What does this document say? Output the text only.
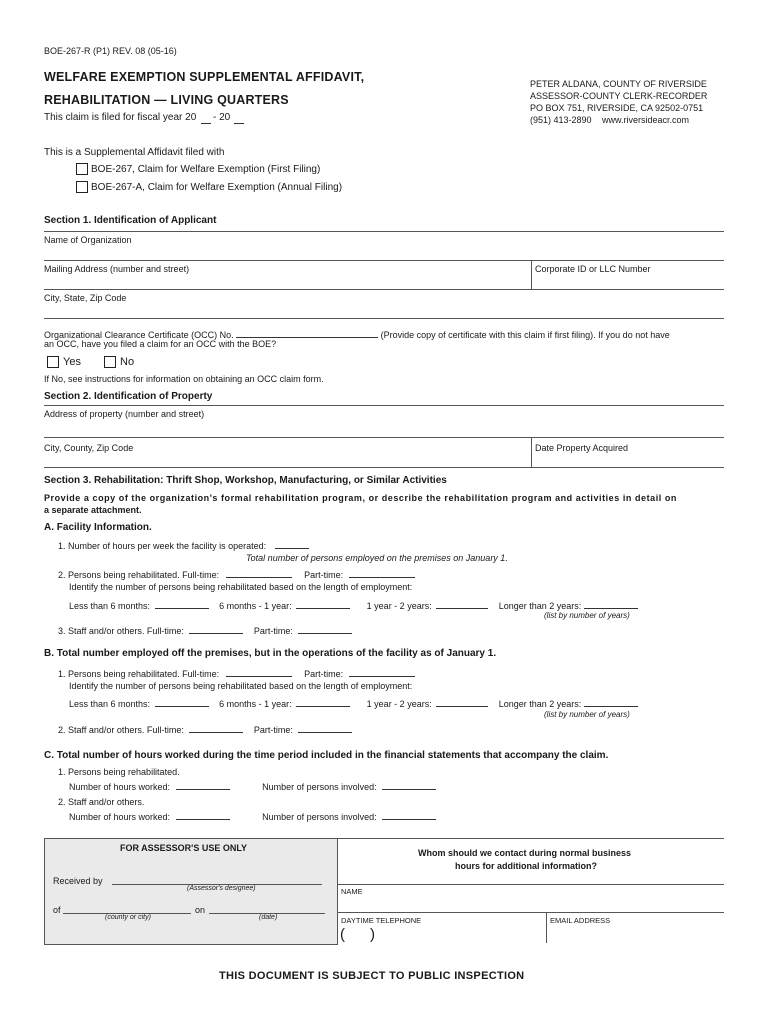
BOE-267-R (P1) REV. 08 (05-16)
WELFARE EXEMPTION SUPPLEMENTAL AFFIDAVIT,
REHABILITATION — LIVING QUARTERS
This claim is filed for fiscal year 20 - 20
PETER ALDANA, COUNTY OF RIVERSIDE
ASSESSOR-COUNTY CLERK-RECORDER
PO BOX 751, RIVERSIDE, CA 92502-0751
(951) 413-2890 www.riversideacr.com
This is a Supplemental Affidavit filed with
BOE-267, Claim for Welfare Exemption (First Filing)
BOE-267-A, Claim for Welfare Exemption (Annual Filing)
Section 1. Identification of Applicant
Name of Organization
Mailing Address (number and street)	Corporate ID or LLC Number
City, State, Zip Code
Organizational Clearance Certificate (OCC) No.	(Provide copy of certificate with this claim if first filing). If you do not have
an OCC, have you filed a claim for an OCC with the BOE?
Yes	No
If No, see instructions for information on obtaining an OCC claim form.
Section 2. Identification of Property
Address of property (number and street)
City, County, Zip Code	Date Property Acquired
Section 3. Rehabilitation: Thrift Shop, Workshop, Manufacturing, or Similar Activities
Provide a copy of the organization's formal rehabilitation program, or describe the rehabilitation program and activities in detail on
a separate attachment.
A. Facility Information.
1. Number of hours per week the facility is operated:
Total number of persons employed on the premises on January 1.
2. Persons being rehabilitated. Full-time:	Part-time:
Identify the number of persons being rehabilitated based on the length of employment:
Less than 6 months:	6 months - 1 year:	1 year - 2 years:	Longer than 2 years:
(list by number of years)
3. Staff and/or others. Full-time:	Part-time:
B. Total number employed off the premises, but in the operations of the facility as of January 1.
1. Persons being rehabilitated. Full-time:	Part-time:
Identify the number of persons being rehabilitated based on the length of employment:
Less than 6 months:	6 months - 1 year:	1 year - 2 years:	Longer than 2 years:
(list by number of years)
2. Staff and/or others. Full-time:	Part-time:
C. Total number of hours worked during the time period included in the financial statements that accompany the claim.
1. Persons being rehabilitated.
Number of hours worked:	Number of persons involved:
2. Staff and/or others.
Number of hours worked:	Number of persons involved:
FOR ASSESSOR'S USE ONLY
Received by
(Assessor's designee)
of	on
(county or city)	(date)
Whom should we contact during normal business
hours for additional information?
NAME
DAYTIME TELEPHONE	EMAIL ADDRESS
( )
THIS DOCUMENT IS SUBJECT TO PUBLIC INSPECTION
